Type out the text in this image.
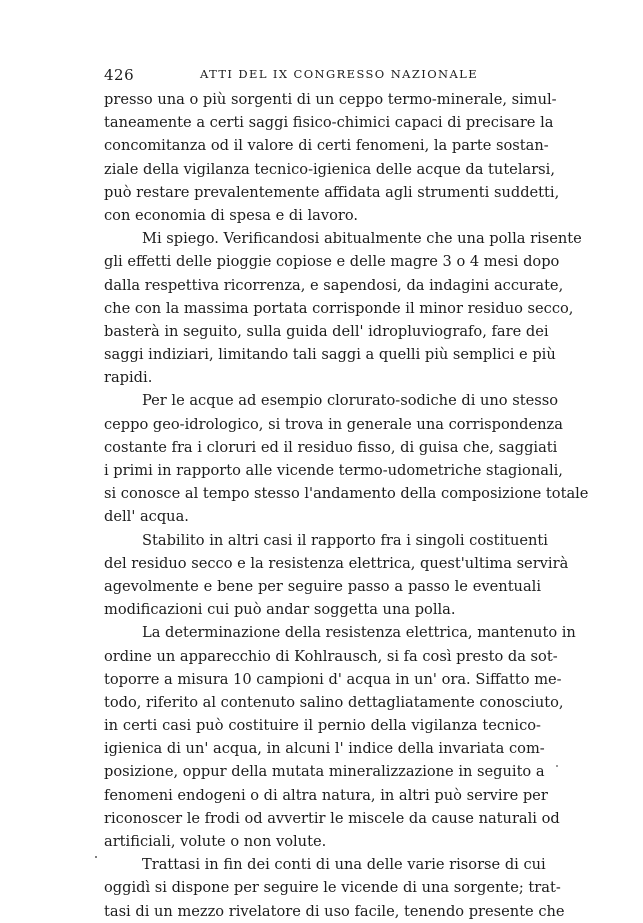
426	ATTI DEL IX CONGRESSO NAZIONALE

presso una o più sorgenti di un ceppo termo-minerale, simul-
taneamente a certi saggi fisico-chimici capaci di precisare la
concomitanza od il valore di certi fenomeni, la parte sostan-
ziale della vigilanza tecnico-igienica delle acque da tutelarsi,
può restare prevalentemente affidata agli strumenti suddetti,
con economia di spesa e di lavoro.

Mi spiego. Verificandosi abitualmente che una polla risente
gli effetti delle pioggie copiose e delle magre 3 o 4 mesi dopo
dalla respettiva ricorrenza, e sapendosi, da indagini accurate,
che con la massima portata corrisponde il minor residuo secco,
basterà in seguito, sulla guida dell' idropluviografo, fare dei
saggi indiziari, limitando tali saggi a quelli più semplici e più
rapidi.

Per le acque ad esempio clorurato-sodiche di uno stesso
ceppo geo-idrologico, si trova in generale una corrispondenza
costante fra i cloruri ed il residuo fisso, di guisa che, saggiati
i primi in rapporto alle vicende termo-udometriche stagionali,
si conosce al tempo stesso l'andamento della composizione totale
dell' acqua.

Stabilito in altri casi il rapporto fra i singoli costituenti
del residuo secco e la resistenza elettrica, quest'ultima servirà
agevolmente e bene per seguire passo a passo le eventuali
modificazioni cui può andar soggetta una polla.

La determinazione della resistenza elettrica, mantenuto in
ordine un apparecchio di Kohlrausch, si fa così presto da sot-
toporre a misura 10 campioni d' acqua in un' ora. Siffatto me-
todo, riferito al contenuto salino dettagliatamente conosciuto,
in certi casi può costituire il pernio della vigilanza tecnico-
igienica di un' acqua, in alcuni l' indice della invariata com-
posizione, oppur della mutata mineralizzazione in seguito a
fenomeni endogeni o di altra natura, in altri può servire per
riconoscer le frodi od avvertir le miscele da cause naturali od
artificiali, volute o non volute.

Trattasi in fin dei conti di una delle varie risorse di cui
oggidì si dispone per seguire le vicende di una sorgente; trat-
tasi di un mezzo rivelatore di uso facile, tenendo presente che
